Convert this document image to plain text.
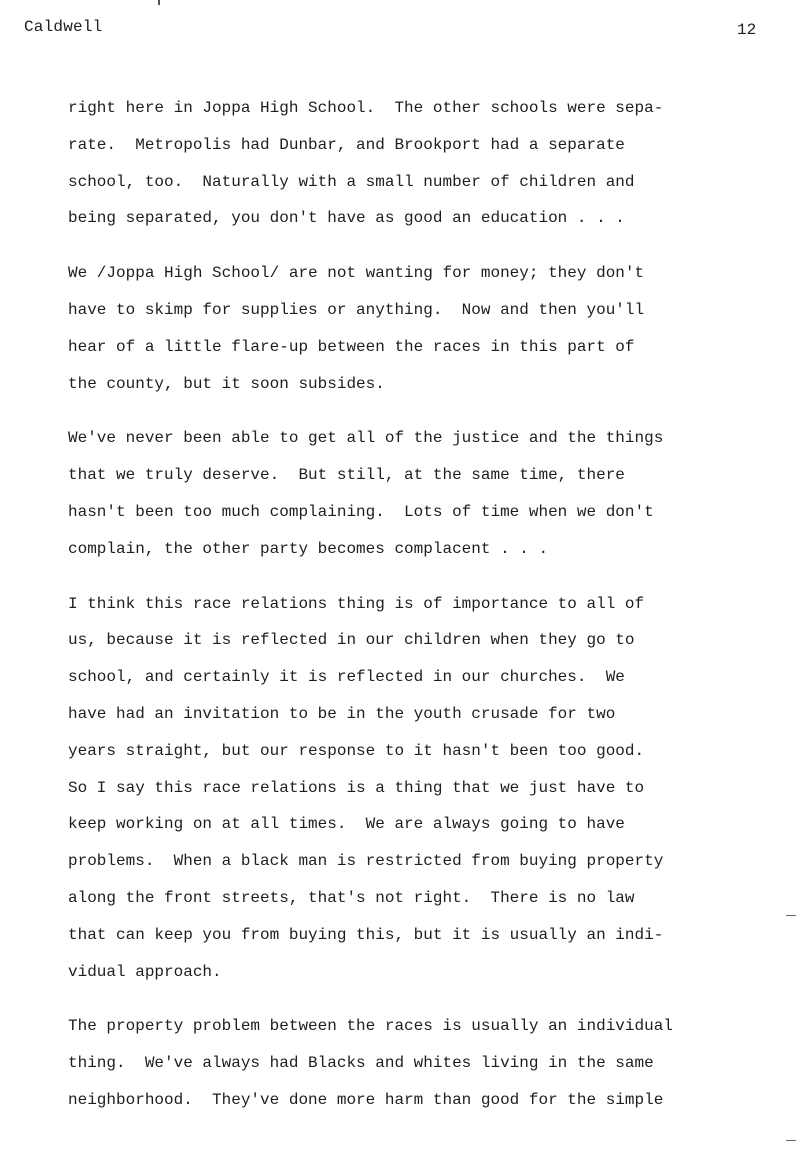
Caldwell	12
right here in Joppa High School.  The other schools were sepa-
rate.  Metropolis had Dunbar, and Brookport had a separate
school, too.  Naturally with a small number of children and
being separated, you don't have as good an education . . .
We /Joppa High School/ are not wanting for money; they don't
have to skimp for supplies or anything.  Now and then you'll
hear of a little flare-up between the races in this part of
the county, but it soon subsides.
We've never been able to get all of the justice and the things
that we truly deserve.  But still, at the same time, there
hasn't been too much complaining.  Lots of time when we don't
complain, the other party becomes complacent . . .
I think this race relations thing is of importance to all of
us, because it is reflected in our children when they go to
school, and certainly it is reflected in our churches.  We
have had an invitation to be in the youth crusade for two
years straight, but our response to it hasn't been too good.
So I say this race relations is a thing that we just have to
keep working on at all times.  We are always going to have
problems.  When a black man is restricted from buying property
along the front streets, that's not right.  There is no law
that can keep you from buying this, but it is usually an indi-
vidual approach.
The property problem between the races is usually an individual
thing.  We've always had Blacks and whites living in the same
neighborhood.  They've done more harm than good for the simple
